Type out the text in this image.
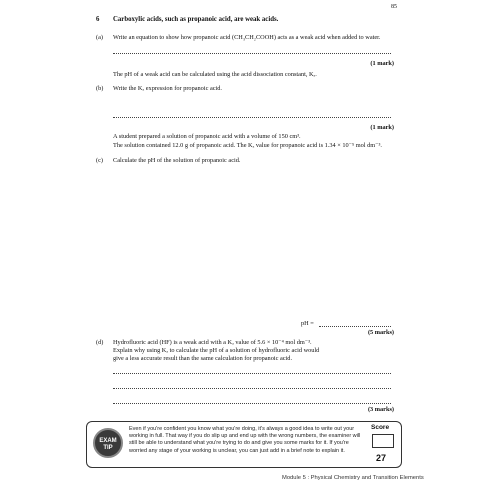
85
6 Carboxylic acids, such as propanoic acid, are weak acids.
(a) Write an equation to show how propanoic acid (CH₃CH₂COOH) acts as a weak acid when added to water.
(1 mark)
The pH of a weak acid can be calculated using the acid dissociation constant, Kₐ.
(b) Write the Kₐ expression for propanoic acid.
(1 mark)
A student prepared a solution of propanoic acid with a volume of 150 cm³.
The solution contained 12.0 g of propanoic acid. The Kₐ value for propanoic acid is 1.34 × 10⁻⁵ mol dm⁻³.
(c) Calculate the pH of the solution of propanoic acid.
pH =
(5 marks)
(d) Hydrofluoric acid (HF) is a weak acid with a Kₐ value of 5.6 × 10⁻⁴ mol dm⁻³.
Explain why using Kₐ to calculate the pH of a solution of hydrofluoric acid would
give a less accurate result than the same calculation for propanoic acid.
(3 marks)
EXAM
TIP
Even if you're confident you know what you're doing, it's always a good idea to write out your working in full. That way if you do slip up and end up with the wrong numbers, the examiner will still be able to understand what you're trying to do and give you some marks for it. If you're worried any stage of your working is unclear, you can just add in a brief note to explain it.
Score
27
Module 5 : Physical Chemistry and Transition Elements
